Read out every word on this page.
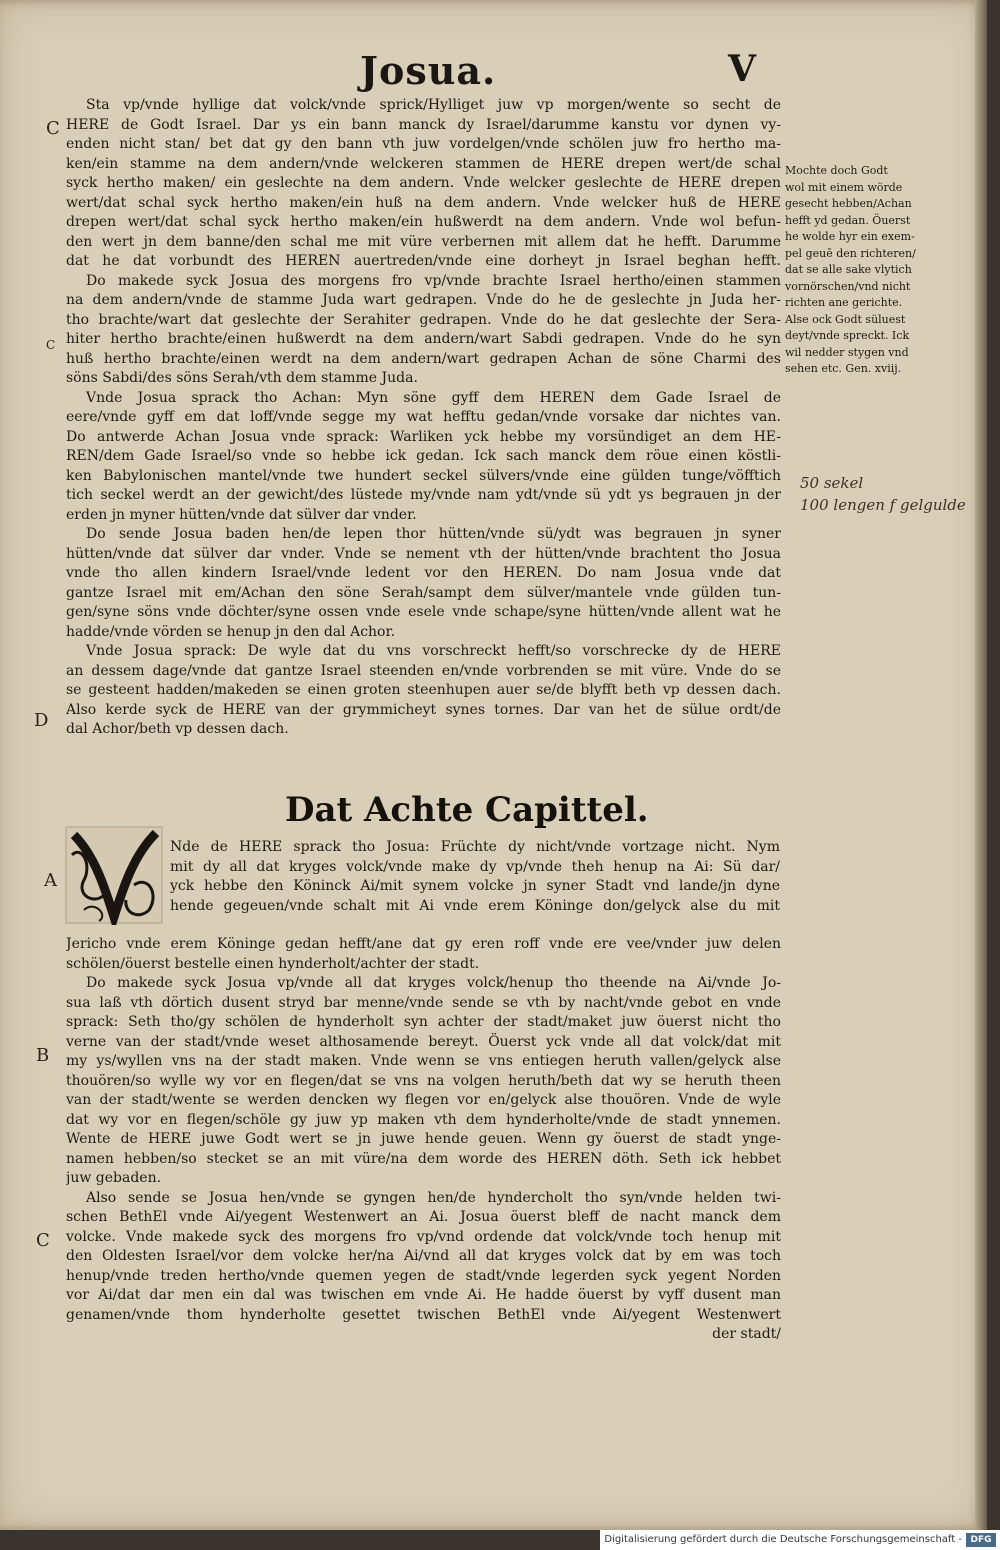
Josua.	V
C
C
D
A
B
C
Sta vp/vnde hyllige dat volck/vnde sprick/Hylliget juw vp morgen/wente so secht de
HERE de Godt Israel. Dar ys ein bann manck dy Israel/darumme kanstu vor dynen vy-
enden nicht stan/ bet dat gy den bann vth juw vordelgen/vnde schölen juw fro hertho ma-
ken/ein stamme na dem andern/vnde welckeren stammen de HERE drepen wert/de schal
syck hertho maken/ ein geslechte na dem andern. Vnde welcker geslechte de HERE drepen
wert/dat schal syck hertho maken/ein huß na dem andern. Vnde welcker huß de HERE
drepen wert/dat schal syck hertho maken/ein hußwerdt na dem andern. Vnde wol befun-
den wert jn dem banne/den schal me mit vüre verbernen mit allem dat he hefft. Darumme
dat he dat vorbundt des HEREN auertreden/vnde eine dorheyt jn Israel beghan hefft.
Do makede syck Josua des morgens fro vp/vnde brachte Israel hertho/einen stammen
na dem andern/vnde de stamme Juda wart gedrapen. Vnde do he de geslechte jn Juda her-
tho brachte/wart dat geslechte der Serahiter gedrapen. Vnde do he dat geslechte der Sera-
hiter hertho brachte/einen hußwerdt na dem andern/wart Sabdi gedrapen. Vnde do he syn
huß hertho brachte/einen werdt na dem andern/wart gedrapen Achan de söne Charmi des
söns Sabdi/des söns Serah/vth dem stamme Juda.
Vnde Josua sprack tho Achan: Myn söne gyff dem HEREN dem Gade Israel de
eere/vnde gyff em dat loff/vnde segge my wat hefftu gedan/vnde vorsake dar nichtes van.
Do antwerde Achan Josua vnde sprack: Warliken yck hebbe my vorsündiget an dem HE-
REN/dem Gade Israel/so vnde so hebbe ick gedan. Ick sach manck dem röue einen köstli-
ken Babylonischen mantel/vnde twe hundert seckel sülvers/vnde eine gülden tunge/vöfftich
tich seckel werdt an der gewicht/des lüstede my/vnde nam ydt/vnde sü ydt ys begrauen jn der
erden jn myner hütten/vnde dat sülver dar vnder.
Do sende Josua baden hen/de lepen thor hütten/vnde sü/ydt was begrauen jn syner
hütten/vnde dat sülver dar vnder. Vnde se nement vth der hütten/vnde brachtent tho Josua
vnde tho allen kindern Israel/vnde ledent vor den HEREN. Do nam Josua vnde dat
gantze Israel mit em/Achan den söne Serah/sampt dem sülver/mantele vnde gülden tun-
gen/syne söns vnde döchter/syne ossen vnde esele vnde schape/syne hütten/vnde allent wat he
hadde/vnde vörden se henup jn den dal Achor.
Vnde Josua sprack: De wyle dat du vns vorschreckt hefft/so vorschrecke dy de HERE
an dessem dage/vnde dat gantze Israel steenden en/vnde vorbrenden se mit vüre. Vnde do se
se gesteent hadden/makeden se einen groten steenhupen auer se/de blyfft beth vp dessen dach.
Also kerde syck de HERE van der grymmicheyt synes tornes. Dar van het de sülue ordt/de
dal Achor/beth vp dessen dach.
Dat Achte Capittel.
V
Nde de HERE sprack tho Josua: Früchte dy nicht/vnde vortzage nicht. Nym
mit dy all dat kryges volck/vnde make dy vp/vnde theh henup na Ai: Sü dar/
yck hebbe den Köninck Ai/mit synem volcke jn syner Stadt vnd lande/jn dyne
hende gegeuen/vnde schalt mit Ai vnde erem Köninge don/gelyck alse du mit
Jericho vnde erem Köninge gedan hefft/ane dat gy eren roff vnde ere vee/vnder juw delen
schölen/öuerst bestelle einen hynderholt/achter der stadt.
Do makede syck Josua vp/vnde all dat kryges volck/henup tho theende na Ai/vnde Jo-
sua laß vth dörtich dusent stryd bar menne/vnde sende se vth by nacht/vnde gebot en vnde
sprack: Seth tho/gy schölen de hynderholt syn achter der stadt/maket juw öuerst nicht tho
verne van der stadt/vnde weset althosamende bereyt. Öuerst yck vnde all dat volck/dat mit
my ys/wyllen vns na der stadt maken. Vnde wenn se vns entiegen heruth vallen/gelyck alse
thouören/so wylle wy vor en flegen/dat se vns na volgen heruth/beth dat wy se heruth theen
van der stadt/wente se werden dencken wy flegen vor en/gelyck alse thouören. Vnde de wyle
dat wy vor en flegen/schöle gy juw yp maken vth dem hynderholte/vnde de stadt ynnemen.
Wente de HERE juwe Godt wert se jn juwe hende geuen. Wenn gy öuerst de stadt ynge-
namen hebben/so stecket se an mit vüre/na dem worde des HEREN döth. Seth ick hebbet
juw gebaden.
Also sende se Josua hen/vnde se gyngen hen/de hyndercholt tho syn/vnde helden twi-
schen BethEl vnde Ai/yegent Westenwert an Ai. Josua öuerst bleff de nacht manck dem
volcke. Vnde makede syck des morgens fro vp/vnd ordende dat volck/vnde toch henup mit
den Oldesten Israel/vor dem volcke her/na Ai/vnd all dat kryges volck dat by em was toch
henup/vnde treden hertho/vnde quemen yegen de stadt/vnde legerden syck yegent Norden
vor Ai/dat dar men ein dal was twischen em vnde Ai. He hadde öuerst by vyff dusent man
genamen/vnde thom hynderholte gesettet twischen BethEl vnde Ai/yegent Westenwert
der stadt/
Mochte doch Godt
wol mit einem wörde
gesecht hebben/Achan
hefft yd gedan. Öuerst
he wolde hyr ein exem-
pel geuē den richteren/
dat se alle sake vlytich
vornörschen/vnd nicht
richten ane gerichte.
Alse ock Godt süluest
deyt/vnde spreckt. Ick
wil nedder stygen vnd
sehen etc. Gen. xviij.
50 sekel
100 lengen f gelgulde
Digitalisierung gefördert durch die Deutsche Forschungsgemeinschaft - DFG
